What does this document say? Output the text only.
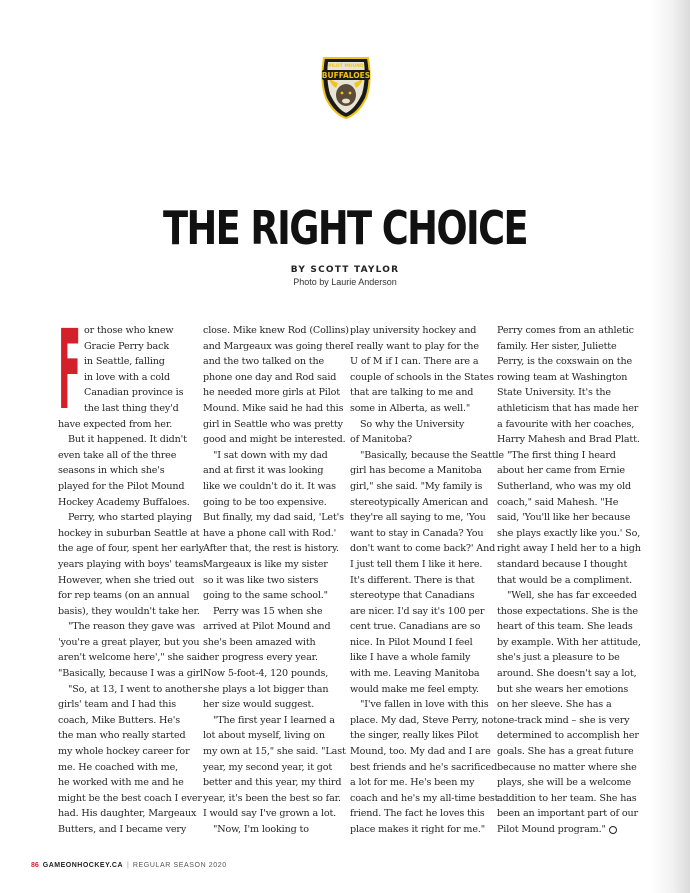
BUFFALOES
PILOT MOUND
THE RIGHT CHOICE
BY SCOTT TAYLOR
Photo by Laurie Anderson
F or those who knew
Gracie Perry back
in Seattle, falling
in love with a cold
Canadian province is
the last thing they'd
have expected from her.

But it happened. It didn't
even take all of the three
seasons in which she's
played for the Pilot Mound
Hockey Academy Buffaloes.

Perry, who started playing
hockey in suburban Seattle at
the age of four, spent her early
years playing with boys' teams.
However, when she tried out
for rep teams (on an annual
basis), they wouldn't take her.

"The reason they gave was
'you're a great player, but you
aren't welcome here'," she said.
"Basically, because I was a girl.

"So, at 13, I went to another
girls' team and I had this
coach, Mike Butters. He's
the man who really started
my whole hockey career for
me. He coached with me,
he worked with me and he
might be the best coach I ever
had. His daughter, Margeaux
Butters, and I became very

close. Mike knew Rod (Collins)
and Margeaux was going there
and the two talked on the
phone one day and Rod said
he needed more girls at Pilot
Mound. Mike said he had this
girl in Seattle who was pretty
good and might be interested.

"I sat down with my dad
and at first it was looking
like we couldn't do it. It was
going to be too expensive.
But finally, my dad said, 'Let's
have a phone call with Rod.'
After that, the rest is history.
Margeaux is like my sister
so it was like two sisters
going to the same school."

Perry was 15 when she
arrived at Pilot Mound and
she's been amazed with
her progress every year.
Now 5-foot-4, 120 pounds,
she plays a lot bigger than
her size would suggest.

"The first year I learned a
lot about myself, living on
my own at 15," she said. "Last
year, my second year, it got
better and this year, my third
year, it's been the best so far.
I would say I've grown a lot.

"Now, I'm looking to

play university hockey and
I really want to play for the
U of M if I can. There are a
couple of schools in the States
that are talking to me and
some in Alberta, as well."

So why the University
of Manitoba?

"Basically, because the Seattle
girl has become a Manitoba
girl," she said. "My family is
stereotypically American and
they're all saying to me, 'You
want to stay in Canada? You
don't want to come back?' And
I just tell them I like it here.
It's different. There is that
stereotype that Canadians
are nicer. I'd say it's 100 per
cent true. Canadians are so
nice. In Pilot Mound I feel
like I have a whole family
with me. Leaving Manitoba
would make me feel empty.

"I've fallen in love with this
place. My dad, Steve Perry, not
the singer, really likes Pilot
Mound, too. My dad and I are
best friends and he's sacrificed
a lot for me. He's been my
coach and he's my all-time best
friend. The fact he loves this
place makes it right for me."

Perry comes from an athletic
family. Her sister, Juliette
Perry, is the coxswain on the
rowing team at Washington
State University. It's the
athleticism that has made her
a favourite with her coaches,
Harry Mahesh and Brad Platt.

"The first thing I heard
about her came from Ernie
Sutherland, who was my old
coach," said Mahesh. "He
said, 'You'll like her because
she plays exactly like you.' So,
right away I held her to a high
standard because I thought
that would be a compliment.

"Well, she has far exceeded
those expectations. She is the
heart of this team. She leads
by example. With her attitude,
she's just a pleasure to be
around. She doesn't say a lot,
but she wears her emotions
on her sleeve. She has a
one-track mind – she is very
determined to accomplish her
goals. She has a great future
because no matter where she
plays, she will be a welcome
addition to her team. She has
been an important part of our
Pilot Mound program."

86 GAMEONHOCKEY.CA | REGULAR SEASON 2020
